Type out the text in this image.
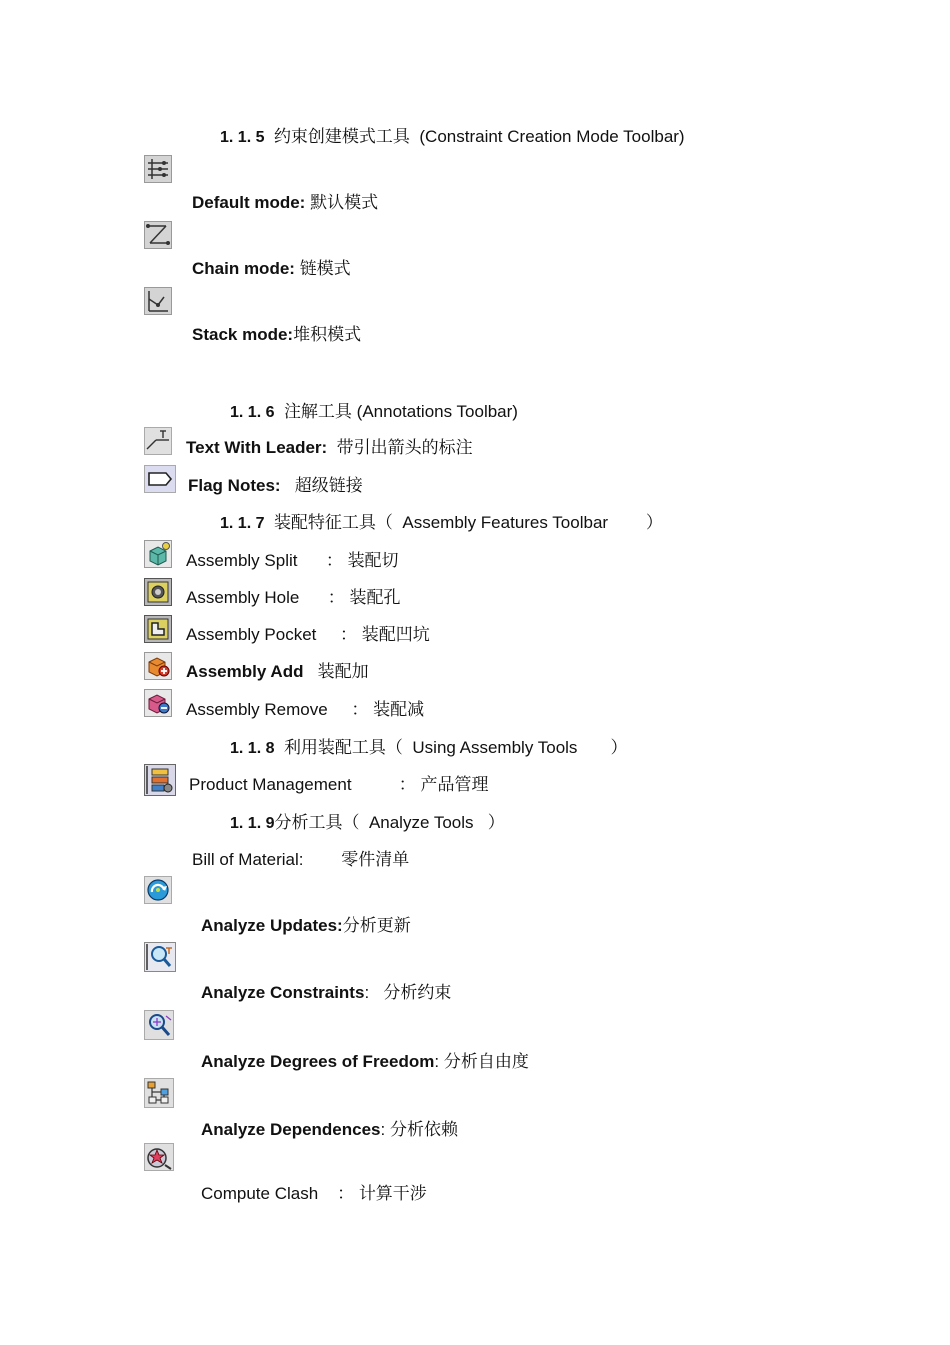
1. 1. 5 约束创建模式工具 (Constraint Creation Mode Toolbar)
Default mode: 默认模式
Chain mode: 链模式
Stack mode:堆积模式
1. 1. 6 注解工具 (Annotations Toolbar)
Text With Leader: 带引出箭头的标注
Flag Notes: 超级链接
1. 1. 7 装配特征工具（ Assembly Features Toolbar ）
Assembly Split ： 装配切
Assembly Hole ： 装配孔
Assembly Pocket ： 装配凹坑
Assembly Add 装配加
Assembly Remove ： 装配减
1. 1. 8 利用装配工具（ Using Assembly Tools ）
Product Management	： 产品管理
1. 1. 9分析工具（ Analyze Tools ）
Bill of Material: 零件清单
Analyze Updates:分析更新
Analyze Constraints: 分析约束
Analyze Degrees of Freedom: 分析自由度
Analyze Dependences: 分析依赖
Compute Clash ： 计算干涉
